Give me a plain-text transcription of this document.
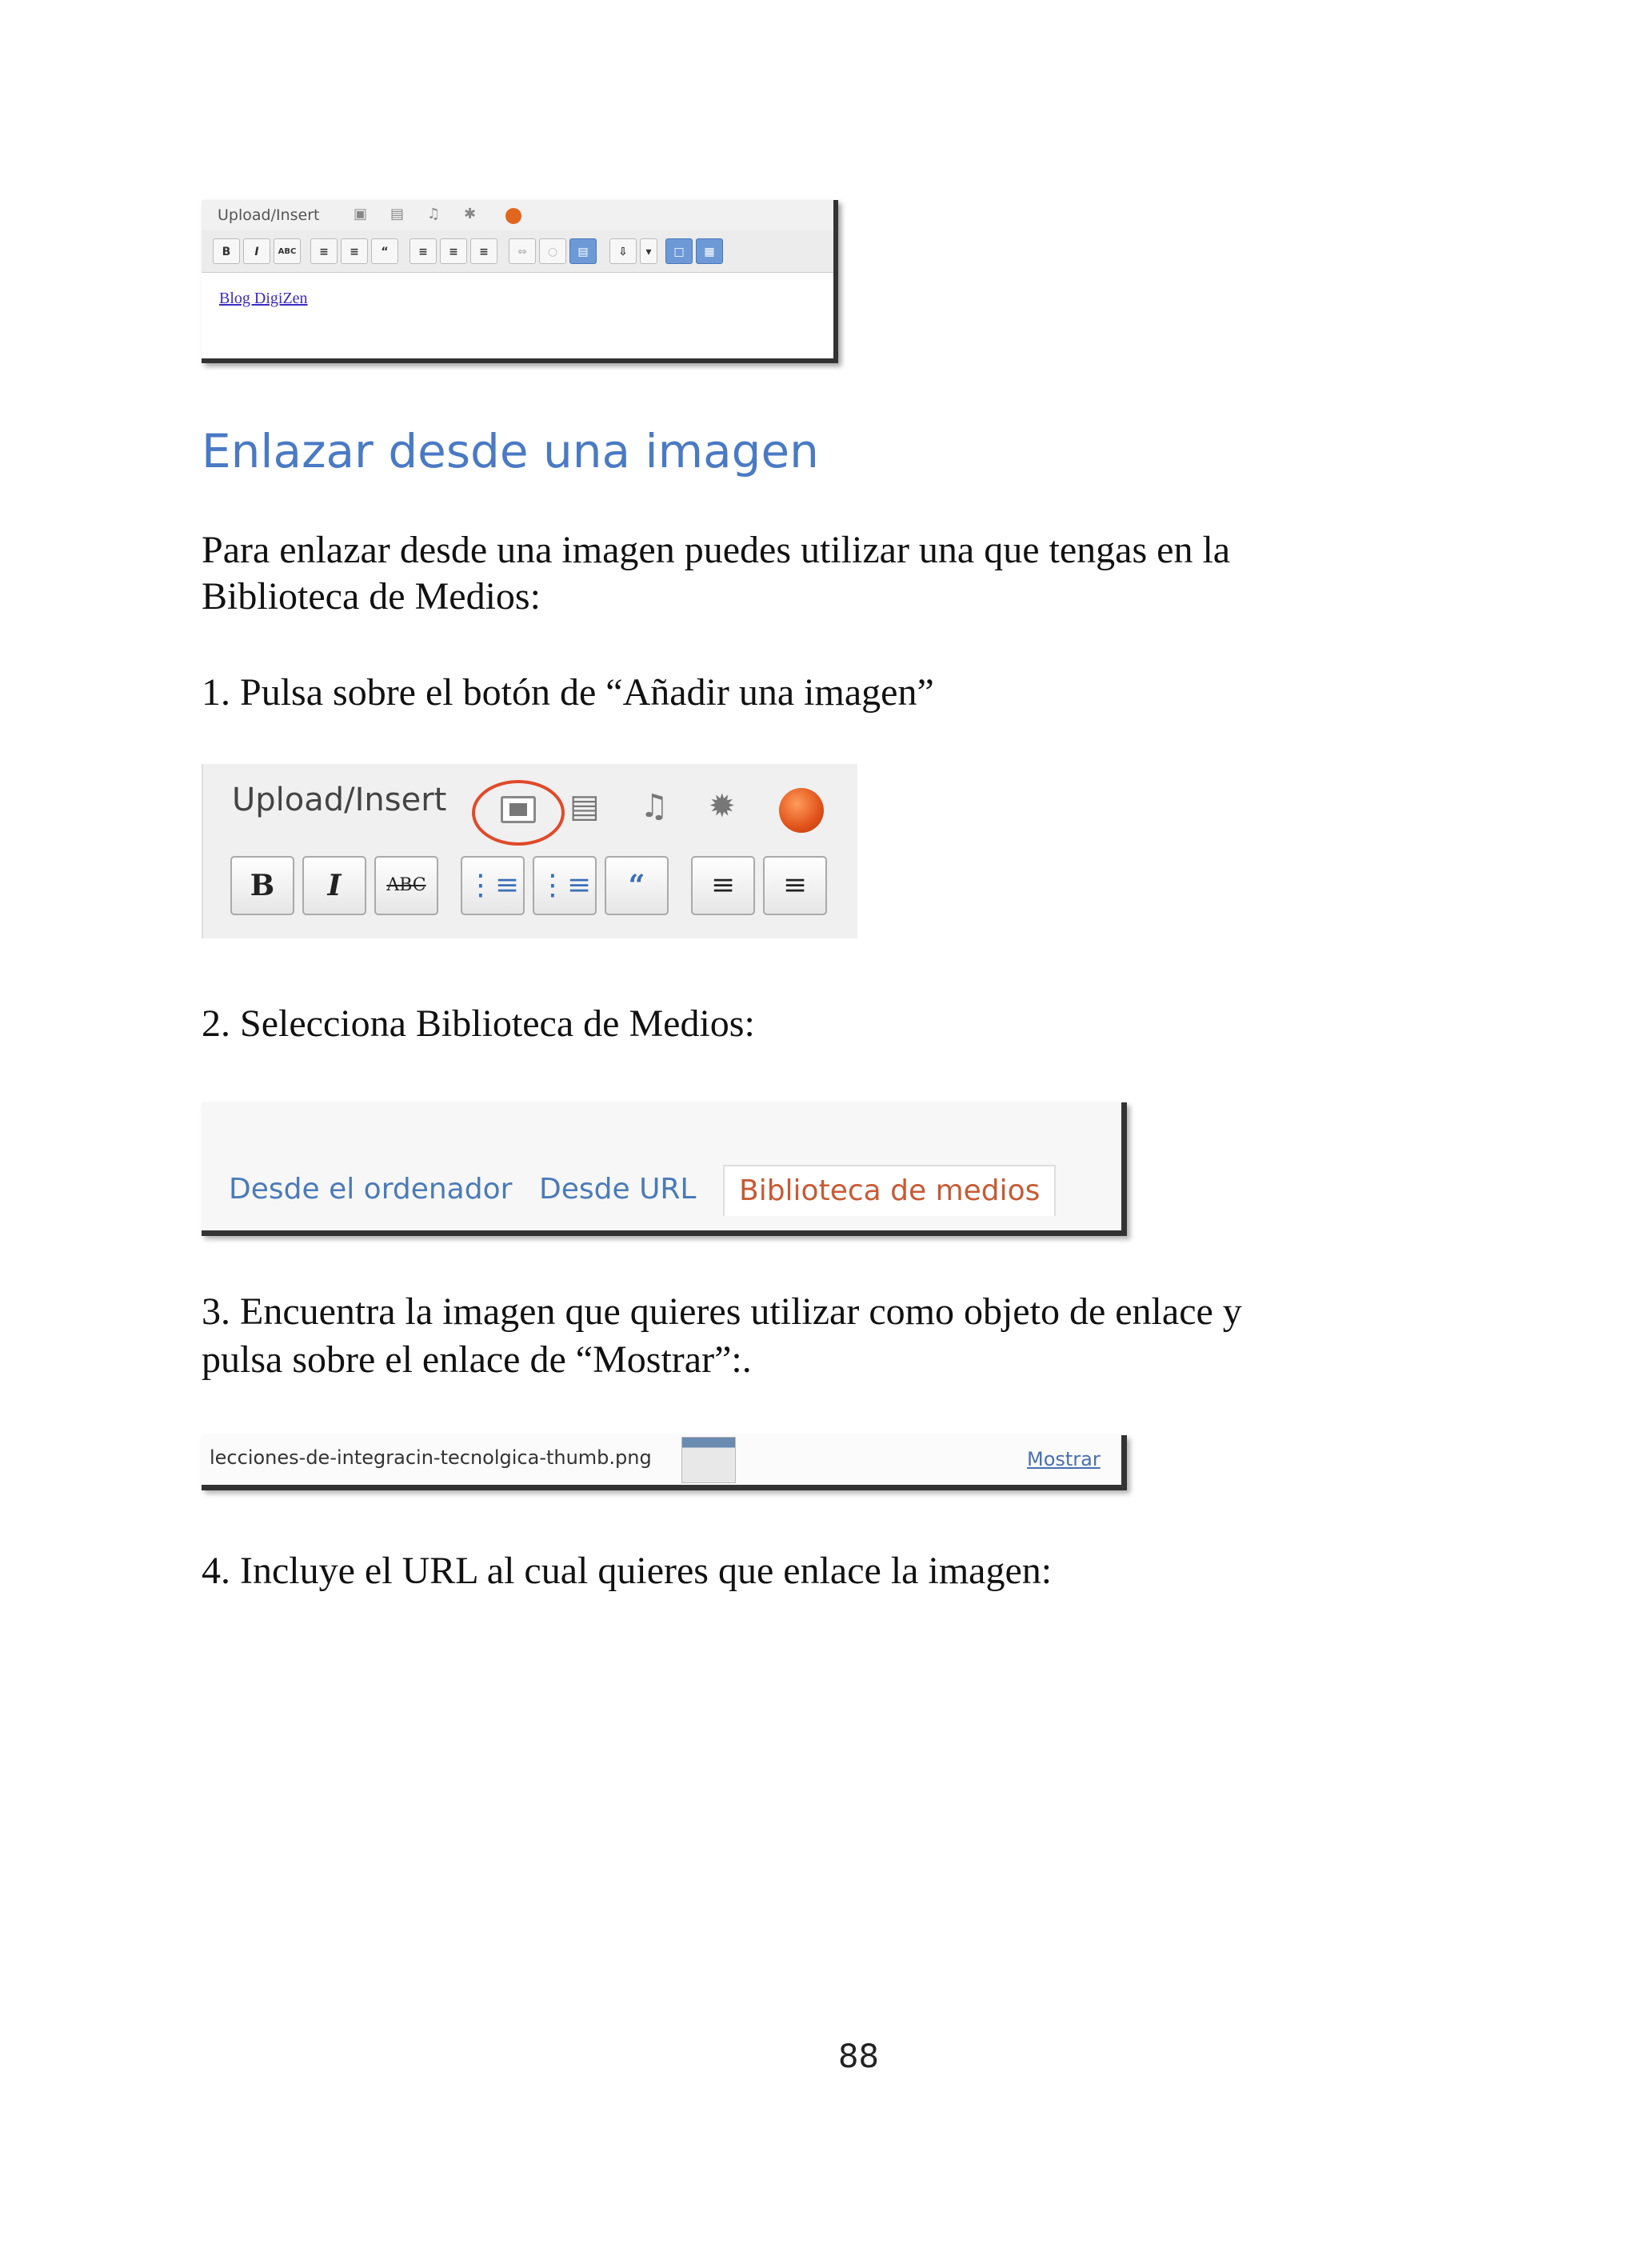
Upload/Insert ▣ ▤ ♫ ✱
B	I	ABC	≡	≡	“	≡	≡	≡	⇔	○	▤	⇩	▾	□	▦
Blog DigiZen
Enlazar desde una imagen

Para enlazar desde una imagen puedes utilizar una que tengas en la

Biblioteca de Medios:

1. Pulsa sobre el botón de “Añadir una imagen”

Upload/Insert	▤ ♫ ✹
B	I	ABC	⋮≡ ⋮≡	“	≡	≡

2. Selecciona Biblioteca de Medios:

Desde el ordenador Desde URL	Biblioteca de medios

3. Encuentra la imagen que quieres utilizar como objeto de enlace y

pulsa sobre el enlace de “Mostrar”:.

lecciones-de-integracin-tecnolgica-thumb.png	Mostrar

4. Incluye el URL al cual quieres que enlace la imagen:

88
